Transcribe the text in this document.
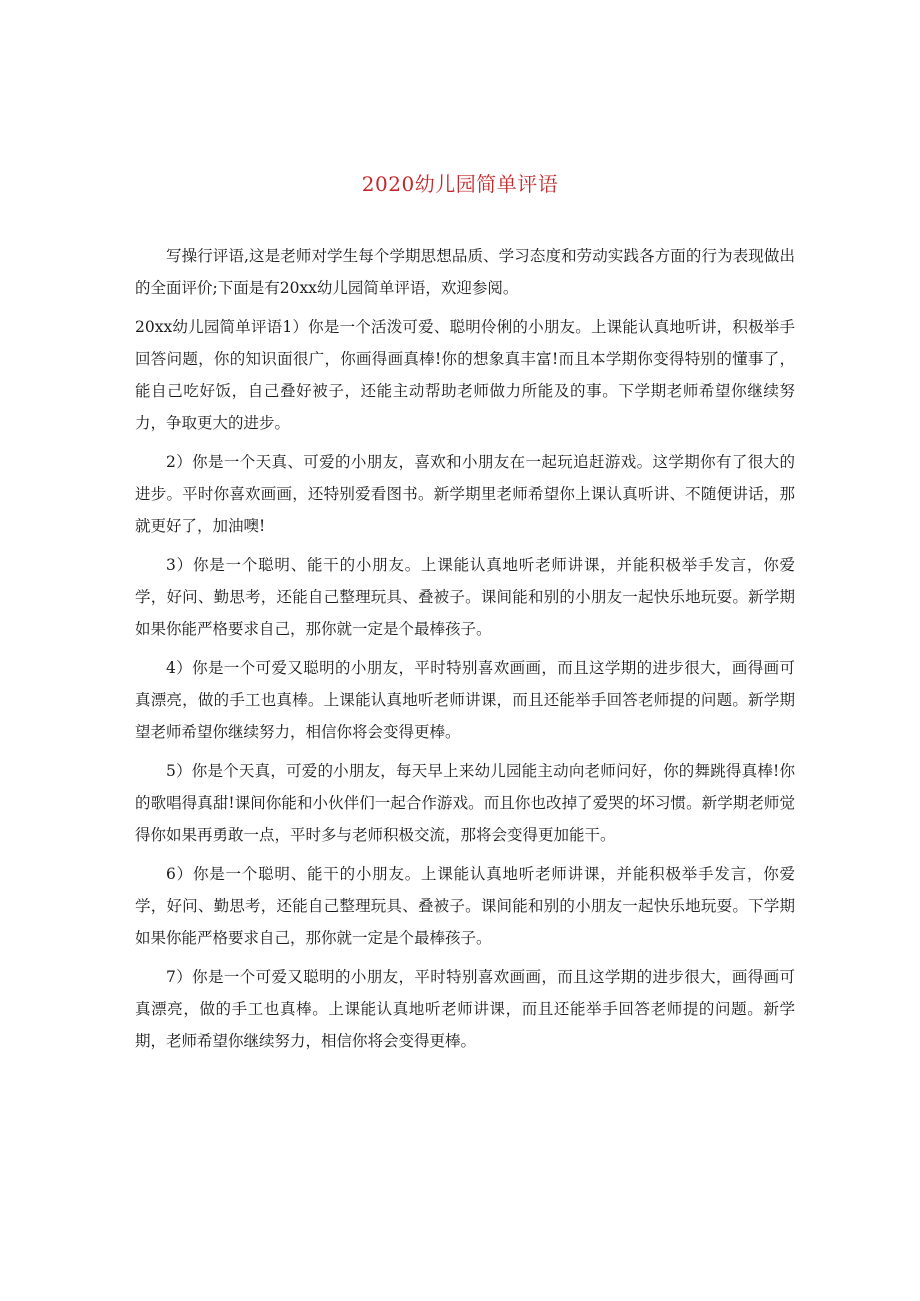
2020幼儿园简单评语

写操行评语,这是老师对学生每个学期思想品质、学习态度和劳动实践各方面的行为表现做出的全面评价;下面是有20xx幼儿园简单评语，欢迎参阅。

20xx幼儿园简单评语1）你是一个活泼可爱、聪明伶俐的小朋友。上课能认真地听讲，积极举手回答问题，你的知识面很广，你画得画真棒!你的想象真丰富!而且本学期你变得特别的懂事了，能自己吃好饭，自己叠好被子，还能主动帮助老师做力所能及的事。下学期老师希望你继续努力，争取更大的进步。

2）你是一个天真、可爱的小朋友，喜欢和小朋友在一起玩追赶游戏。这学期你有了很大的进步。平时你喜欢画画，还特别爱看图书。新学期里老师希望你上课认真听讲、不随便讲话，那就更好了，加油噢!

3）你是一个聪明、能干的小朋友。上课能认真地听老师讲课，并能积极举手发言，你爱学，好问、勤思考，还能自己整理玩具、叠被子。课间能和别的小朋友一起快乐地玩耍。新学期如果你能严格要求自己，那你就一定是个最棒孩子。

4）你是一个可爱又聪明的小朋友，平时特别喜欢画画，而且这学期的进步很大，画得画可真漂亮，做的手工也真棒。上课能认真地听老师讲课，而且还能举手回答老师提的问题。新学期望老师希望你继续努力，相信你将会变得更棒。

5）你是个天真，可爱的小朋友，每天早上来幼儿园能主动向老师问好，你的舞跳得真棒!你的歌唱得真甜!课间你能和小伙伴们一起合作游戏。而且你也改掉了爱哭的坏习惯。新学期老师觉得你如果再勇敢一点，平时多与老师积极交流，那将会变得更加能干。

6）你是一个聪明、能干的小朋友。上课能认真地听老师讲课，并能积极举手发言，你爱学，好问、勤思考，还能自己整理玩具、叠被子。课间能和别的小朋友一起快乐地玩耍。下学期如果你能严格要求自己，那你就一定是个最棒孩子。

7）你是一个可爱又聪明的小朋友，平时特别喜欢画画，而且这学期的进步很大，画得画可真漂亮，做的手工也真棒。上课能认真地听老师讲课，而且还能举手回答老师提的问题。新学期，老师希望你继续努力，相信你将会变得更棒。
